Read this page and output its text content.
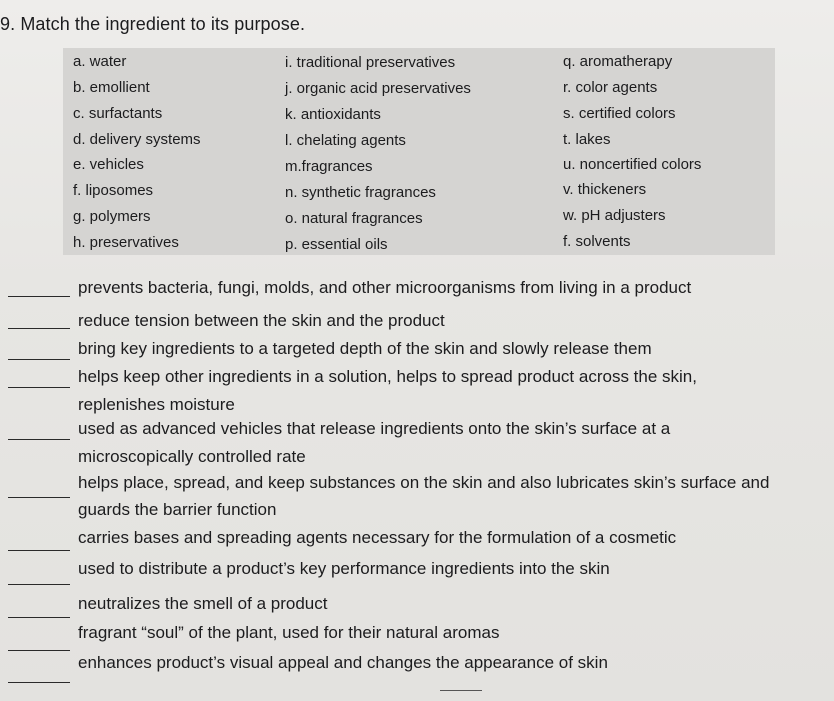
9. Match the ingredient to its purpose.
a. water
b. emollient
c. surfactants
d. delivery systems
e. vehicles
f. liposomes
g. polymers
h. preservatives
i. traditional preservatives
j. organic acid preservatives
k. antioxidants
l. chelating agents
m.fragrances
n. synthetic fragrances
o. natural fragrances
p. essential oils
q. aromatherapy
r. color agents
s. certified colors
t. lakes
u. noncertified colors
v. thickeners
w. pH adjusters
f. solvents
prevents bacteria, fungi, molds, and other microorganisms from living in a product
reduce tension between the skin and the product
bring key ingredients to a targeted depth of the skin and slowly release them
helps keep other ingredients in a solution, helps to spread product across the skin,
replenishes moisture
used as advanced vehicles that release ingredients onto the skin’s surface at a
microscopically controlled rate
helps place, spread, and keep substances on the skin and also lubricates skin’s surface and
guards the barrier function
carries bases and spreading agents necessary for the formulation of a cosmetic
used to distribute a product’s key performance ingredients into the skin
neutralizes the smell of a product
fragrant “soul” of the plant, used for their natural aromas
enhances product’s visual appeal and changes the appearance of skin
